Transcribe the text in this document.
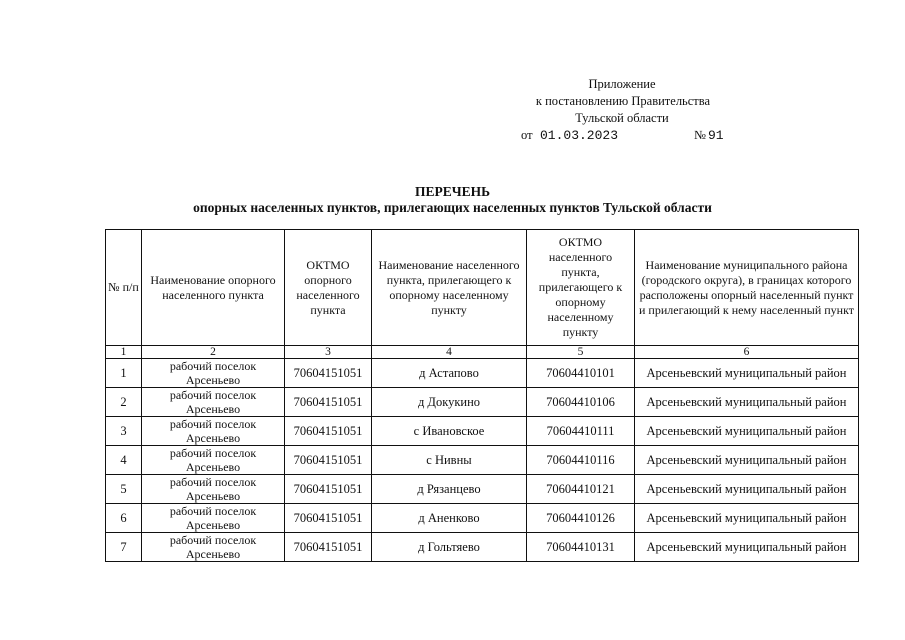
Приложение
к постановлению Правительства
Тульской области
от 01.03.2023	№ 91
ПЕРЕЧЕНЬ
опорных населенных пунктов, прилегающих населенных пунктов Тульской области
№ п/п	Наименование опорного населенного пункта	ОКТМО опорного населенного пункта	Наименование населенного пункта, прилегающего к опорному населенному пункту	ОКТМО населенного пункта, прилегающего к опорному населенному пункту	Наименование муниципального района (городского округа), в границах которого расположены опорный населенный пункт и прилегающий к нему населенный пункт
1	2	3	4	5	6
1	рабочий поселок Арсеньево	70604151051	д Астапово	70604410101	Арсеньевский муниципальный район
2	рабочий поселок Арсеньево	70604151051	д Докукино	70604410106	Арсеньевский муниципальный район
3	рабочий поселок Арсеньево	70604151051	с Ивановское	70604410111	Арсеньевский муниципальный район
4	рабочий поселок Арсеньево	70604151051	с Нивны	70604410116	Арсеньевский муниципальный район
5	рабочий поселок Арсеньево	70604151051	д Рязанцево	70604410121	Арсеньевский муниципальный район
6	рабочий поселок Арсеньево	70604151051	д Аненково	70604410126	Арсеньевский муниципальный район
7	рабочий поселок Арсеньево	70604151051	д Гольтяево	70604410131	Арсеньевский муниципальный район
